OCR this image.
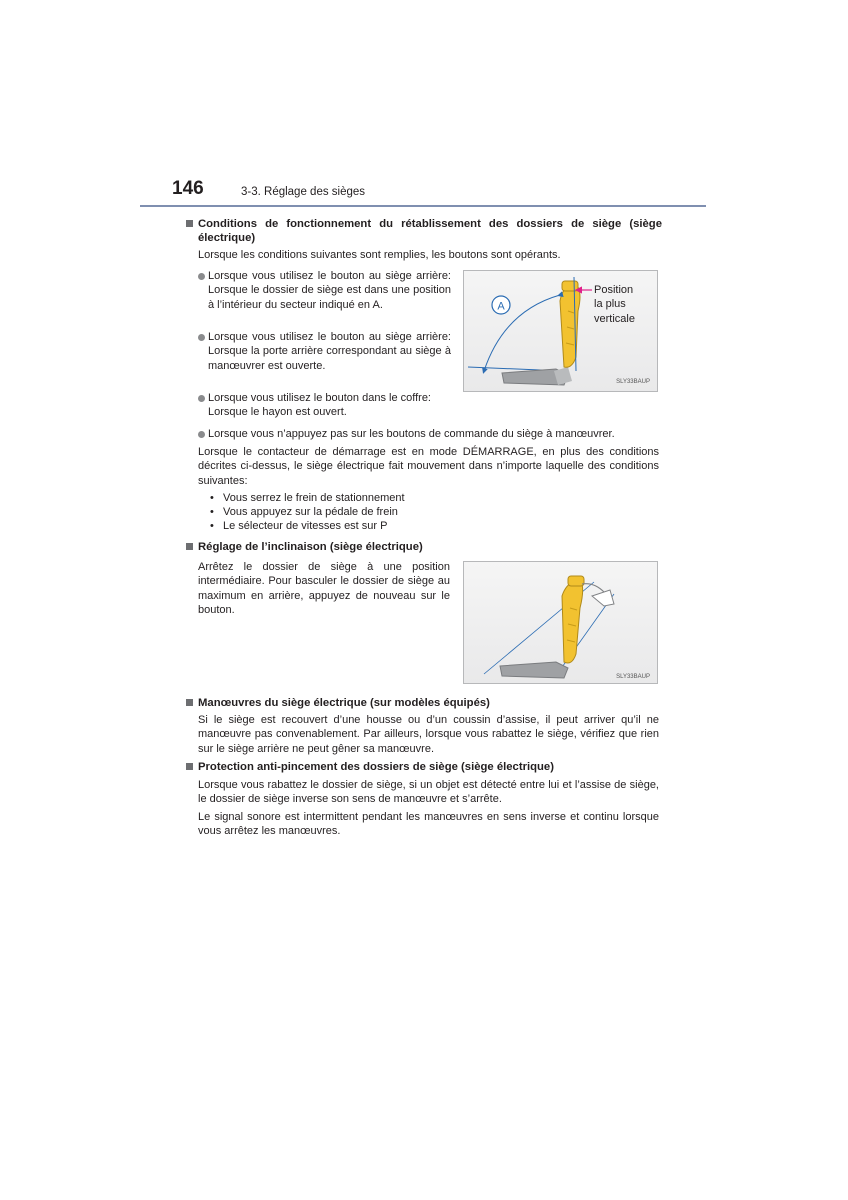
146	3-3. Réglage des sièges
Conditions de fonctionnement du rétablissement des dossiers de siège (siège électrique)
Lorsque les conditions suivantes sont remplies, les boutons sont opérants.
Lorsque vous utilisez le bouton au siège arrière: Lorsque le dossier de siège est dans une position à l’intérieur du secteur indiqué en A.
Lorsque vous utilisez le bouton au siège arrière: Lorsque la porte arrière correspondant au siège à manœuvrer est ouverte.
Lorsque vous utilisez le bouton dans le coffre: Lorsque le hayon est ouvert.
A
SLY33BAUP
Position
la plus
verticale
Lorsque vous n’appuyez pas sur les boutons de commande du siège à manœuvrer.
Lorsque le contacteur de démarrage est en mode DÉMARRAGE, en plus des conditions décrites ci-dessus, le siège électrique fait mouvement dans n’importe laquelle des conditions suivantes:
• Vous serrez le frein de stationnement
• Vous appuyez sur la pédale de frein
• Le sélecteur de vitesses est sur P
Réglage de l’inclinaison (siège électrique)
Arrêtez le dossier de siège à une position intermédiaire. Pour basculer le dossier de siège au maximum en arrière, appuyez de nouveau sur le bouton.
SLY33BAUP
Manœuvres du siège électrique (sur modèles équipés)
Si le siège est recouvert d’une housse ou d’un coussin d’assise, il peut arriver qu’il ne manœuvre pas convenablement. Par ailleurs, lorsque vous rabattez le siège, vérifiez que rien sur le siège arrière ne peut gêner sa manœuvre.
Protection anti-pincement des dossiers de siège (siège électrique)
Lorsque vous rabattez le dossier de siège, si un objet est détecté entre lui et l’assise de siège, le dossier de siège inverse son sens de manœuvre et s’arrête.
Le signal sonore est intermittent pendant les manœuvres en sens inverse et continu lorsque vous arrêtez les manœuvres.
